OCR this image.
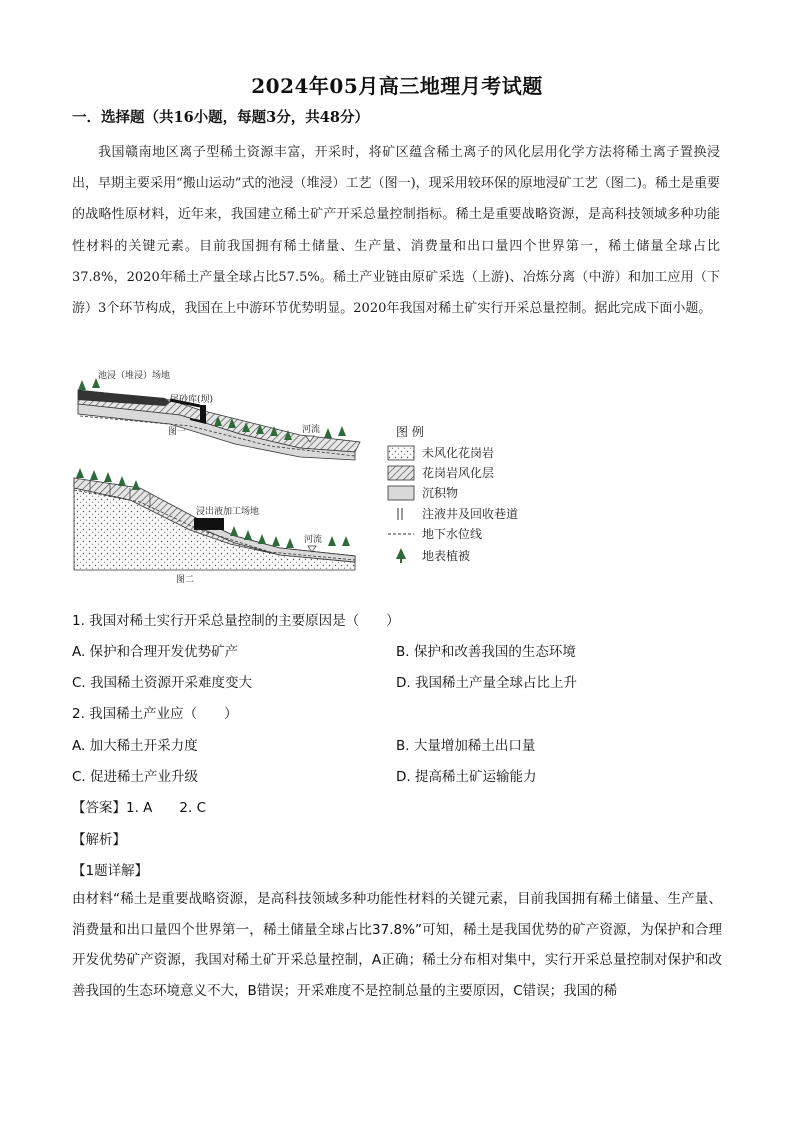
2024年05月高三地理月考试题
一．选择题（共16小题，每题3分，共48分）
我国赣南地区离子型稀土资源丰富，开采时，将矿区蕴含稀土离子的风化层用化学方法将稀土离子置换浸出，早期主要采用“搬山运动”式的池浸（堆浸）工艺（图一)，现采用较环保的原地浸矿工艺（图二)。稀土是重要的战略性原材料，近年来，我国建立稀土矿产开采总量控制指标。稀土是重要战略资源，是高科技领域多种功能性材料的关键元素。目前我国拥有稀土储量、生产量、消费量和出口量四个世界第一，稀土储量全球占比37.8%，2020年稀土产量全球占比57.5%。稀土产业链由原矿采选（上游)、冶炼分离（中游）和加工应用（下游）3个环节构成，我国在上中游环节优势明显。2020年我国对稀土矿实行开采总量控制。据此完成下面小题。
池浸（堆浸）场地
尾砂库(坝)
河流
图一
浸出液加工场地
河流
图二
图 例
未风化花岗岩
花岗岩风化层
沉积物
注液井及回收巷道
地下水位线
地表植被
1. 我国对稀土实行开采总量控制的主要原因是（　　）
A. 保护和合理开发优势矿产	B. 保护和改善我国的生态环境
C. 我国稀土资源开采难度变大	D. 我国稀土产量全球占比上升
2. 我国稀土产业应（　　）
A. 加大稀土开采力度	B. 大量增加稀土出口量
C. 促进稀土产业升级	D. 提高稀土矿运输能力
【答案】1. A　　2. C
【解析】
【1题详解】
由材料“稀土是重要战略资源，是高科技领域多种功能性材料的关键元素，目前我国拥有稀土储量、生产量、消费量和出口量四个世界第一，稀土储量全球占比37.8%”可知，稀土是我国优势的矿产资源，为保护和合理开发优势矿产资源，我国对稀土矿开采总量控制，A正确；稀土分布相对集中，实行开采总量控制对保护和改善我国的生态环境意义不大，B错误；开采难度不是控制总量的主要原因，C错误；我国的稀
